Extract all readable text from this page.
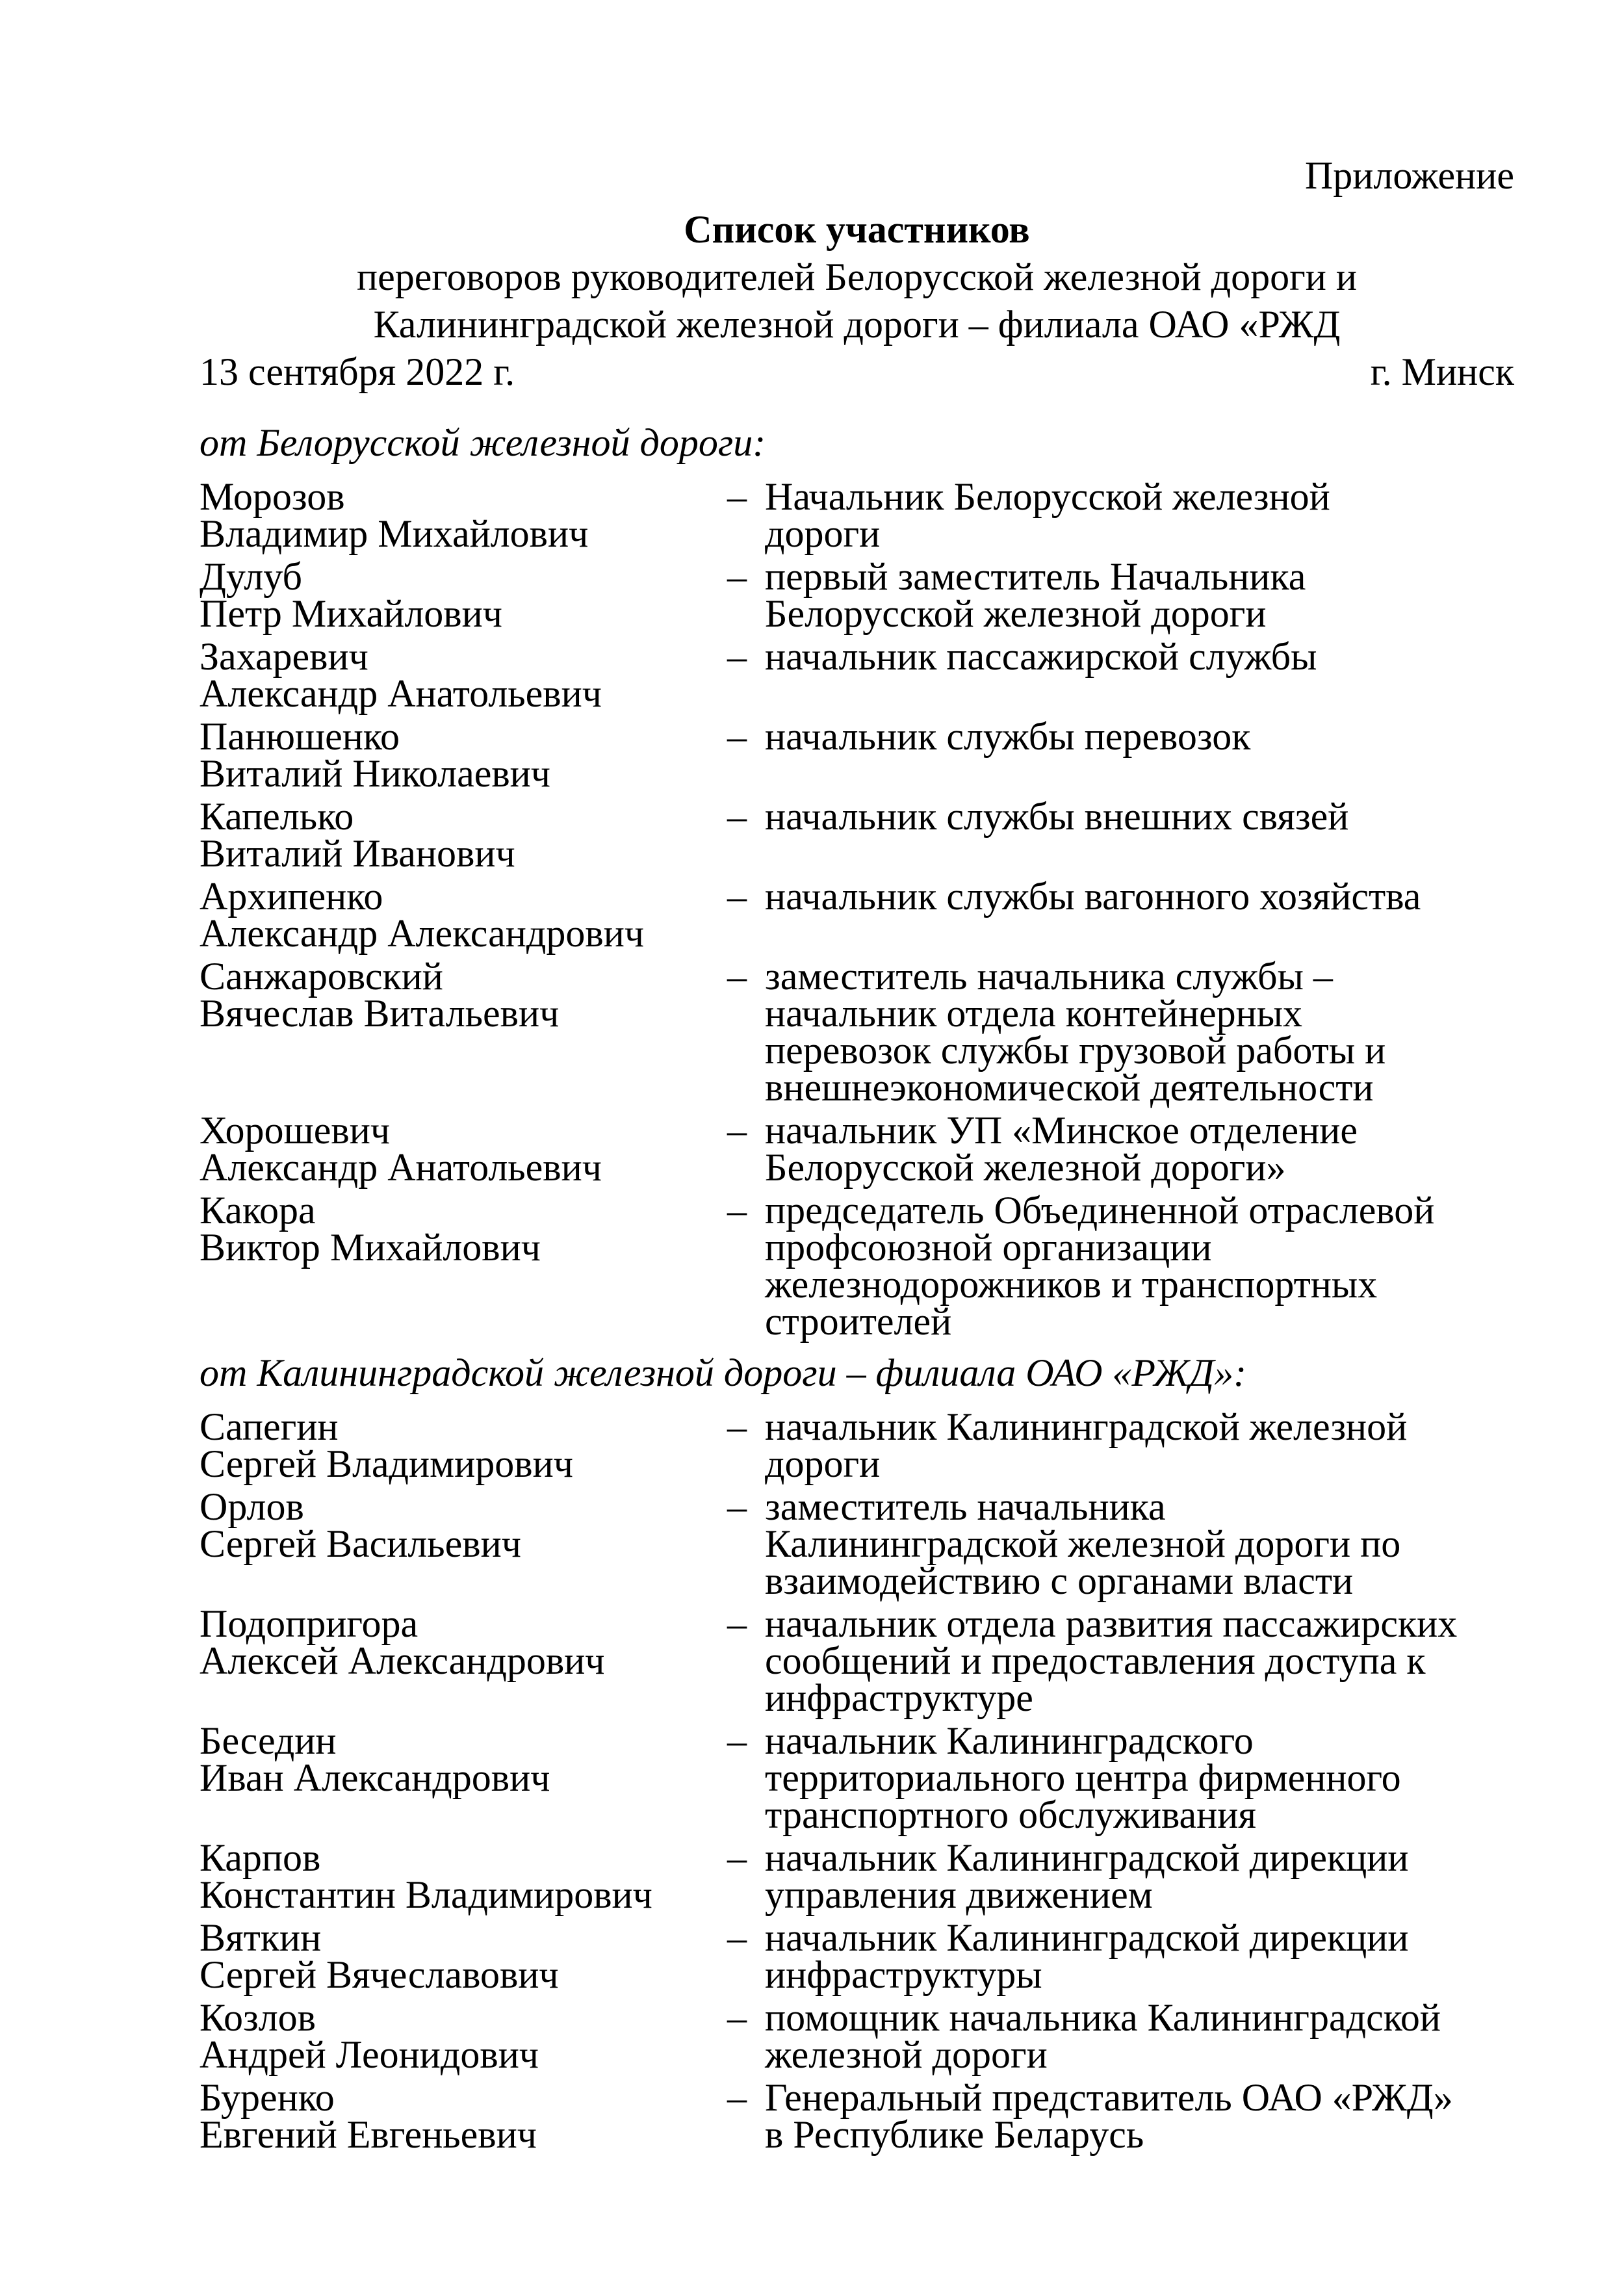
Приложение
Список участников
переговоров руководителей Белорусской железной дороги и
Калининградской железной дороги – филиала ОАО «РЖД
13 сентября 2022 г.	г. Минск
от Белорусской железной дороги:
Морозов
Владимир Михайлович
– Начальник Белорусской железной
дороги
Дулуб
Петр Михайлович
– первый заместитель Начальника
Белорусской железной дороги
Захаревич
Александр Анатольевич
– начальник пассажирской службы
Панюшенко
Виталий Николаевич
– начальник службы перевозок
Капелько
Виталий Иванович
– начальник службы внешних связей
Архипенко
Александр Александрович
– начальник службы вагонного хозяйства
Санжаровский
Вячеслав Витальевич
– заместитель начальника службы –
начальник отдела контейнерных
перевозок службы грузовой работы и
внешнеэкономической деятельности
Хорошевич
Александр Анатольевич
– начальник УП «Минское отделение
Белорусской железной дороги»
Какора
Виктор Михайлович
– председатель Объединенной отраслевой
профсоюзной организации
железнодорожников и транспортных
строителей
от Калининградской железной дороги – филиала ОАО «РЖД»:
Сапегин
Сергей Владимирович
– начальник Калининградской железной
дороги
Орлов
Сергей Васильевич
– заместитель начальника
Калининградской железной дороги по
взаимодействию с органами власти
Подопригора
Алексей Александрович
– начальник отдела развития пассажирских
сообщений и предоставления доступа к
инфраструктуре
Беседин
Иван Александрович
– начальник Калининградского
территориального центра фирменного
транспортного обслуживания
Карпов
Константин Владимирович
– начальник Калининградской дирекции
управления движением
Вяткин
Сергей Вячеславович
– начальник Калининградской дирекции
инфраструктуры
Козлов
Андрей Леонидович
– помощник начальника Калининградской
железной дороги
Буренко
Евгений Евгеньевич
– Генеральный представитель ОАО «РЖД»
в Республике Беларусь
